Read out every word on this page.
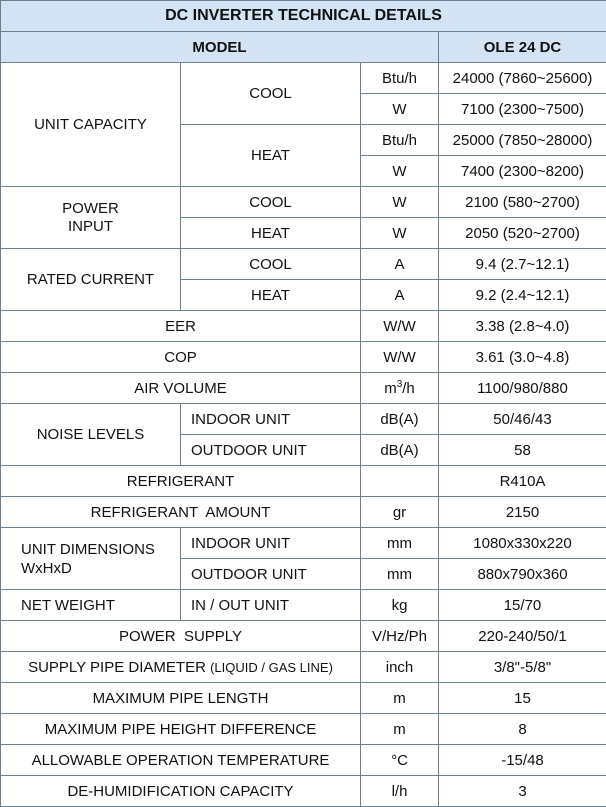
DC INVERTER TECHNICAL DETAILS			
MODEL			OLE 24 DC
UNIT CAPACITY	COOL	Btu/h	24000 (7860~25600)
		W	7100 (2300~7500)
	HEAT	Btu/h	25000 (7850~28000)
		W	7400 (2300~8200)
POWER
INPUT	COOL	W	2100 (580~2700)
	HEAT	W	2050 (520~2700)
RATED CURRENT	COOL	A	9.4 (2.7~12.1)
	HEAT	A	9.2 (2.4~12.1)
EER		W/W	3.38 (2.8~4.0)
COP		W/W	3.61 (3.0~4.8)
AIR VOLUME		$m^3/h$	1100/980/880
NOISE LEVELS	INDOOR UNIT	dB(A)	50/46/43
	OUTDOOR UNIT	dB(A)	58
REFRIGERANT			R410A
REFRIGERANT  AMOUNT		gr	2150
UNIT DIMENSIONS
WxHxD	INDOOR UNIT	mm	1080x330x220
	OUTDOOR UNIT	mm	880x790x360
NET WEIGHT	IN / OUT UNIT	kg	15/70
POWER  SUPPLY		V/Hz/Ph	220-240/50/1
SUPPLY PIPE DIAMETER (LIQUID / GAS LINE)		inch	3/8"-5/8"
MAXIMUM PIPE LENGTH		m	15
MAXIMUM PIPE HEIGHT DIFFERENCE		m	8
ALLOWABLE OPERATION TEMPERATURE		°C	-15/48
DE-HUMIDIFICATION CAPACITY		l/h	3
